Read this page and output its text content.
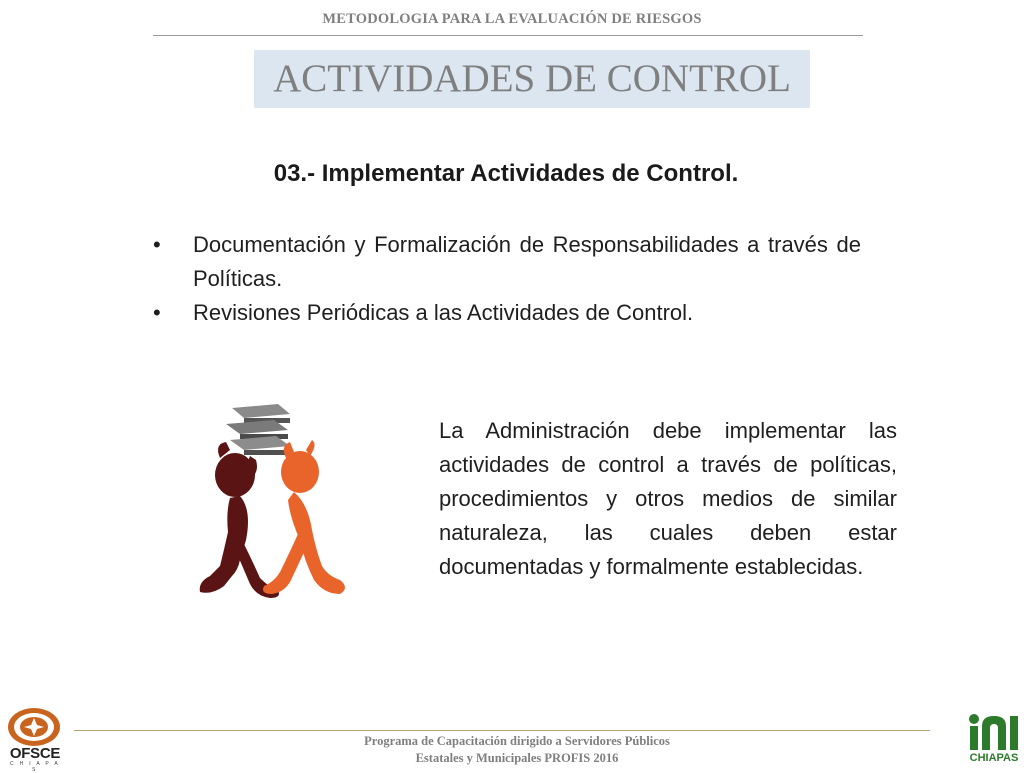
METODOLOGIA PARA LA EVALUACIÓN DE RIESGOS
ACTIVIDADES DE CONTROL
03.- Implementar Actividades de Control.
• Documentación y Formalización de Responsabilidades a través de Políticas.
• Revisiones Periódicas a las Actividades de Control.
La Administración debe implementar las actividades de control a través de políticas, procedimientos y otros medios de similar naturaleza, las cuales deben estar documentadas y formalmente establecidas.
Programa de Capacitación dirigido a Servidores Públicos
Estatales y Municipales PROFIS 2016
OFSCE
C H I A P A S
CHIAPAS
